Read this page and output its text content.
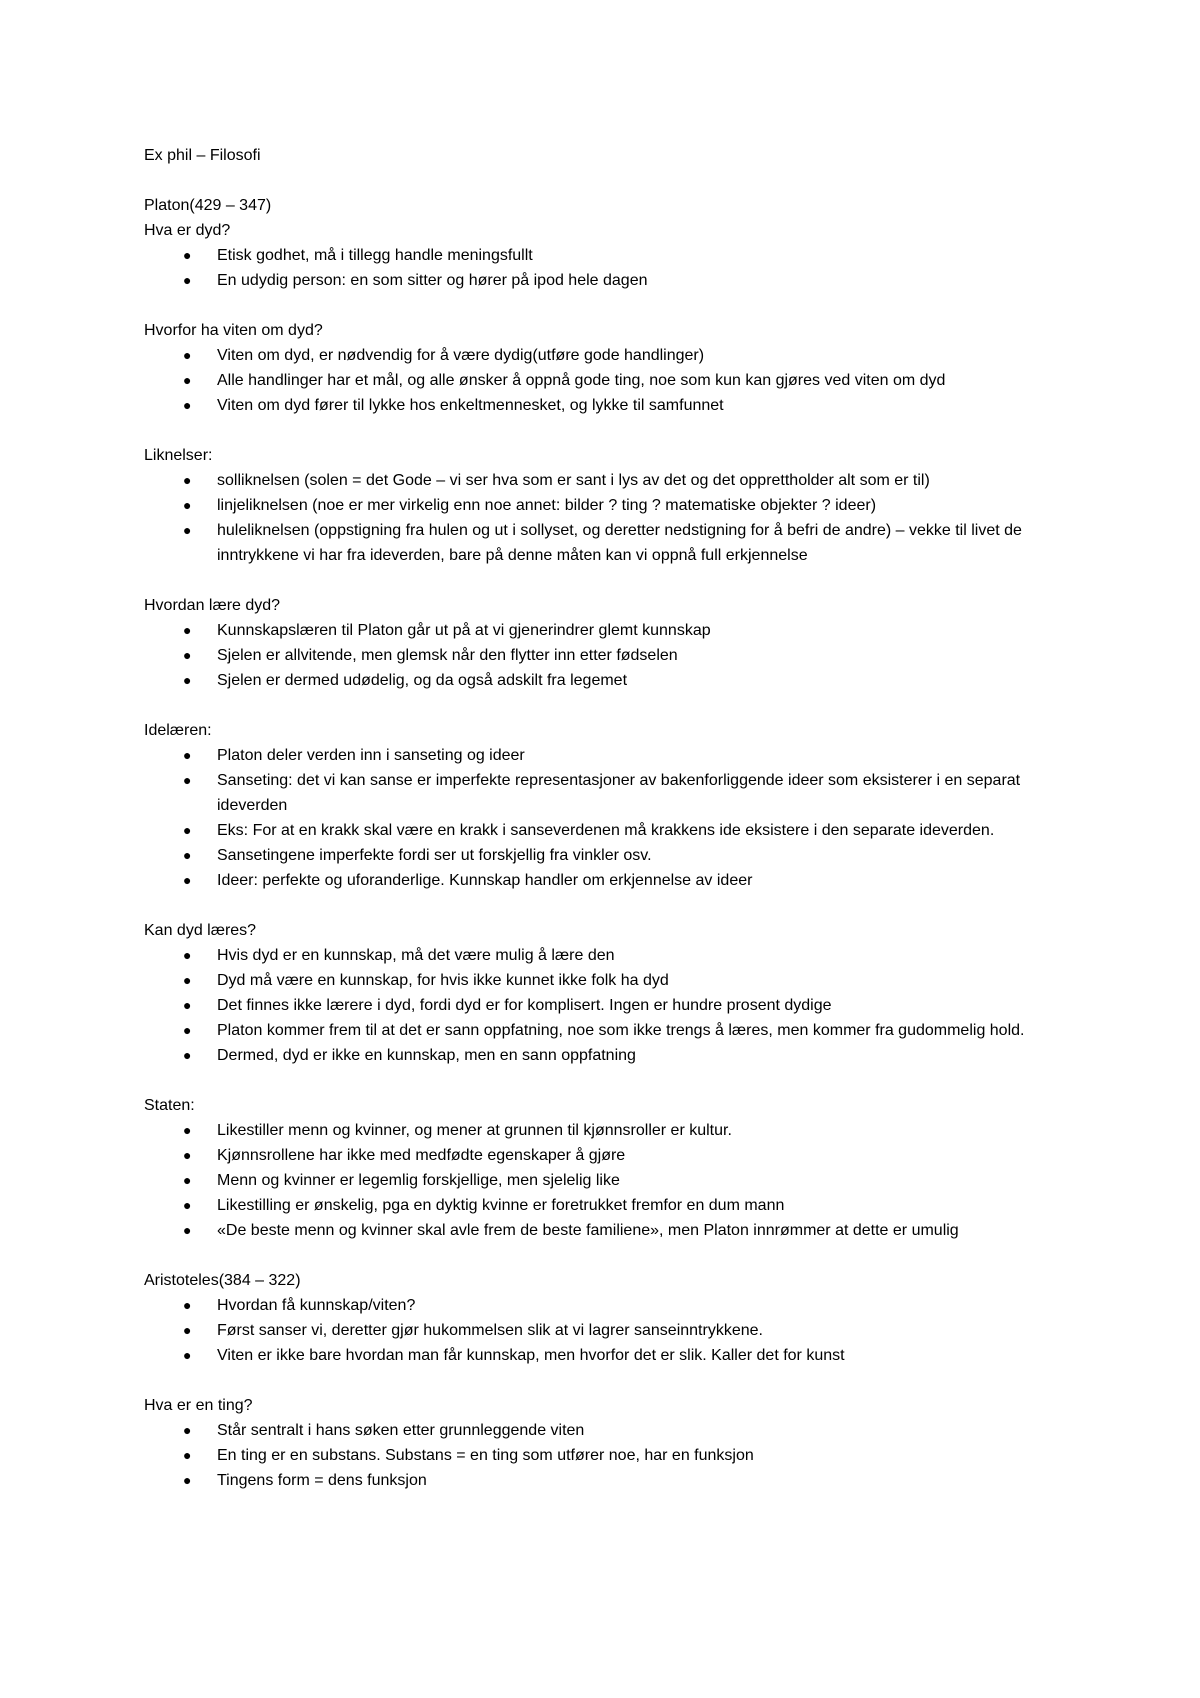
Ex phil – Filosofi

Platon(429 – 347)

Hva er dyd?

● Etisk godhet, må i tillegg handle meningsfullt
● En udydig person: en som sitter og hører på ipod hele dagen

Hvorfor ha viten om dyd?

● Viten om dyd, er nødvendig for å være dydig(utføre gode handlinger)
● Alle handlinger har et mål, og alle ønsker å oppnå gode ting, noe som kun kan gjøres ved viten om dyd
● Viten om dyd fører til lykke hos enkeltmennesket, og lykke til samfunnet

Liknelser:

● solliknelsen (solen = det Gode – vi ser hva som er sant i lys av det og det opprettholder alt som er til)
● linjeliknelsen (noe er mer virkelig enn noe annet: bilder ? ting ? matematiske objekter ? ideer)
● huleliknelsen (oppstigning fra hulen og ut i sollyset, og deretter nedstigning for å befri de andre) – vekke til livet de inntrykkene vi har fra ideverden, bare på denne måten kan vi oppnå full erkjennelse

Hvordan lære dyd?

● Kunnskapslæren til Platon går ut på at vi gjenerindrer glemt kunnskap
● Sjelen er allvitende, men glemsk når den flytter inn etter fødselen
● Sjelen er dermed udødelig, og da også adskilt fra legemet

Idelæren:

● Platon deler verden inn i sanseting og ideer
● Sanseting: det vi kan sanse er imperfekte representasjoner av bakenforliggende ideer som eksisterer i en separat ideverden
● Eks: For at en krakk skal være en krakk i sanseverdenen må krakkens ide eksistere i den separate ideverden.
● Sansetingene imperfekte fordi ser ut forskjellig fra vinkler osv.
● Ideer: perfekte og uforanderlige. Kunnskap handler om erkjennelse av ideer

Kan dyd læres?

● Hvis dyd er en kunnskap, må det være mulig å lære den
● Dyd må være en kunnskap, for hvis ikke kunnet ikke folk ha dyd
● Det finnes ikke lærere i dyd, fordi dyd er for komplisert. Ingen er hundre prosent dydige
● Platon kommer frem til at det er sann oppfatning, noe som ikke trengs å læres, men kommer fra gudommelig hold.
● Dermed, dyd er ikke en kunnskap, men en sann oppfatning

Staten:

● Likestiller menn og kvinner, og mener at grunnen til kjønnsroller er kultur.
● Kjønnsrollene har ikke med medfødte egenskaper å gjøre
● Menn og kvinner er legemlig forskjellige, men sjelelig like
● Likestilling er ønskelig, pga en dyktig kvinne er foretrukket fremfor en dum mann
● «De beste menn og kvinner skal avle frem de beste familiene», men Platon innrømmer at dette er umulig

Aristoteles(384 – 322)

● Hvordan få kunnskap/viten?
● Først sanser vi, deretter gjør hukommelsen slik at vi lagrer sanseinntrykkene.
● Viten er ikke bare hvordan man får kunnskap, men hvorfor det er slik. Kaller det for kunst

Hva er en ting?

● Står sentralt i hans søken etter grunnleggende viten
● En ting er en substans. Substans = en ting som utfører noe, har en funksjon
● Tingens form = dens funksjon
